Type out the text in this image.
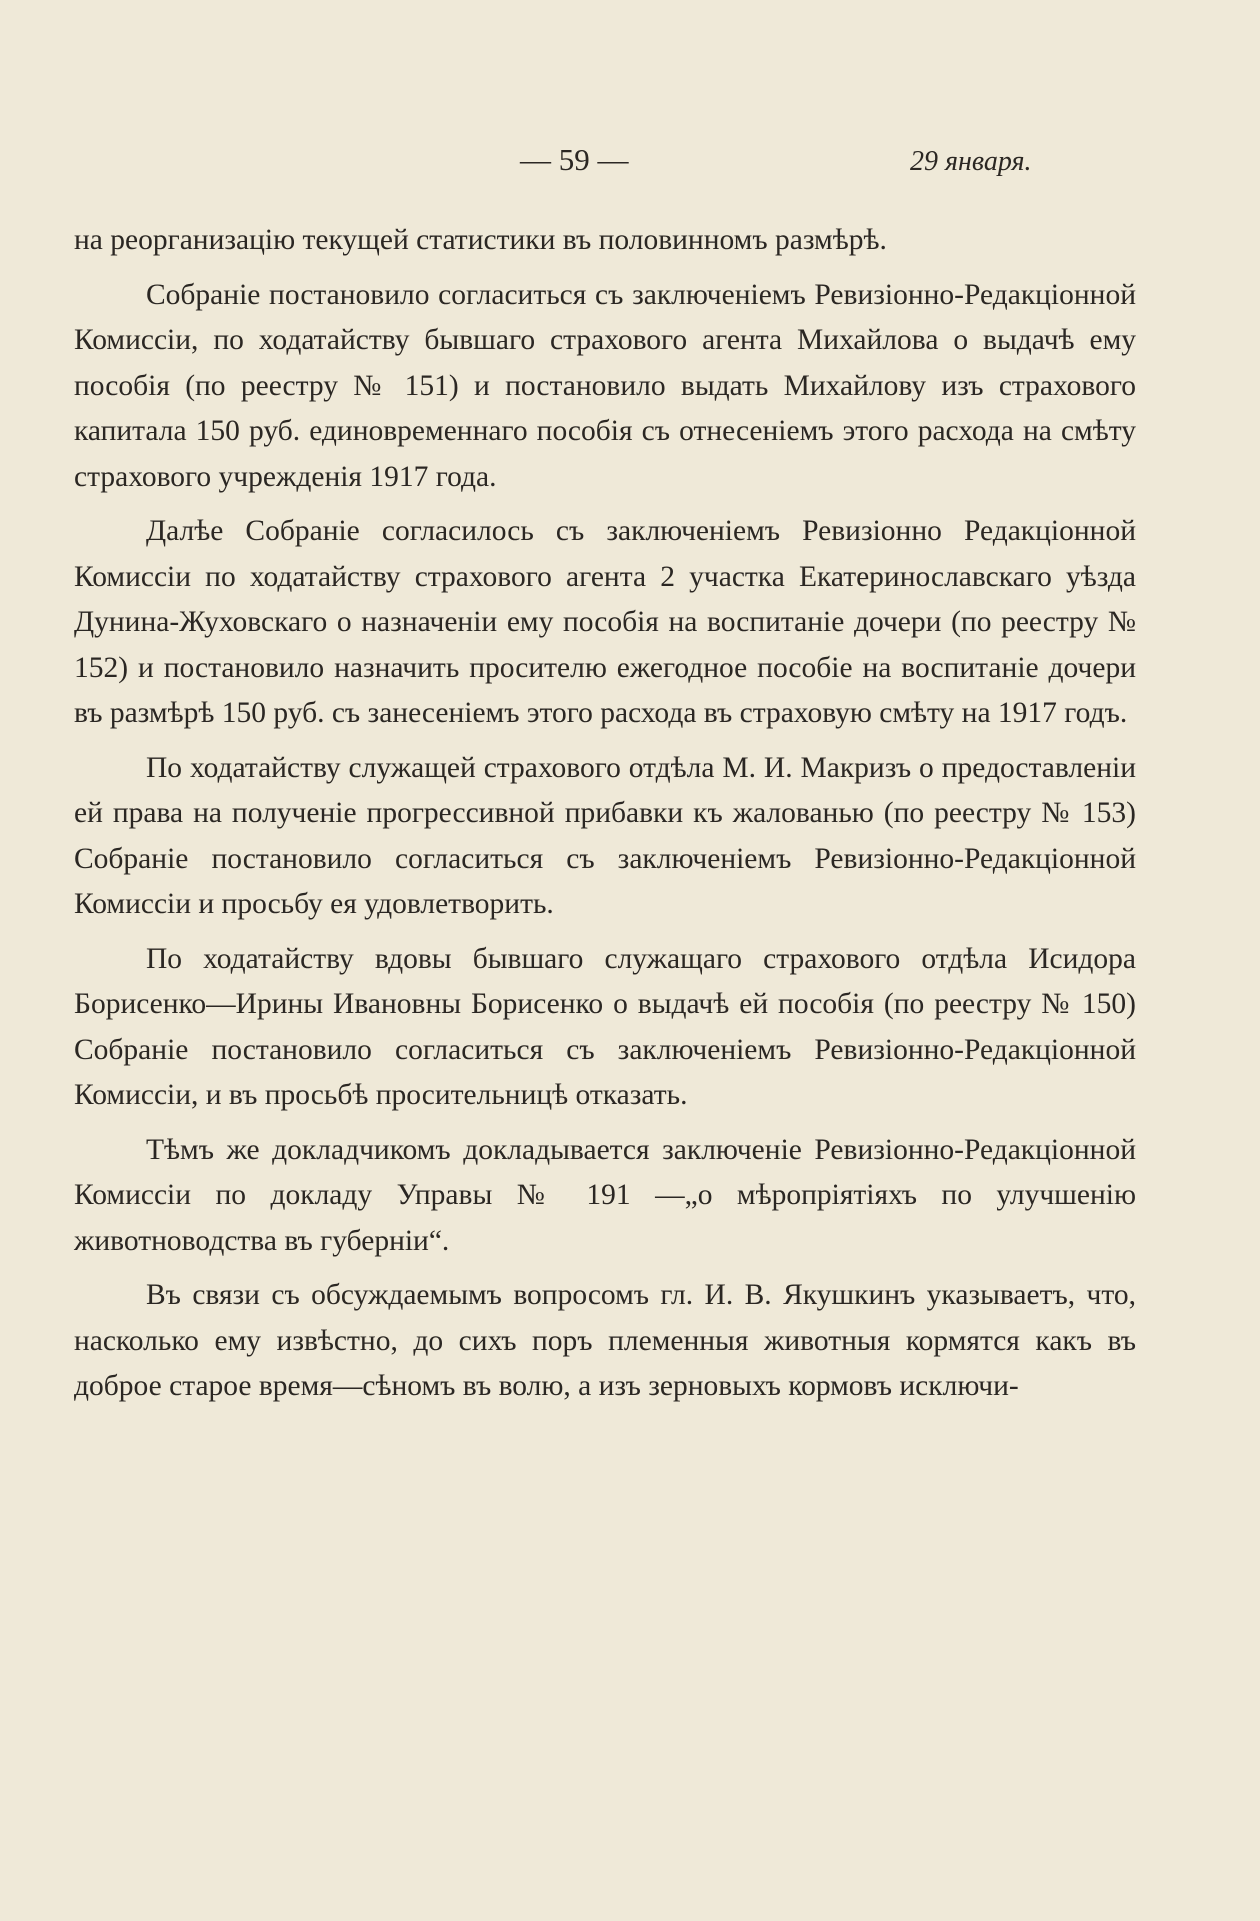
— 59 —	29 января.

на реорганизацію текущей статистики въ половинномъ размѣрѣ.

Собраніе постановило согласиться съ заключеніемъ Ревизіонно-Редакціонной Комиссіи, по ходатайству бывшаго страхового агента Михайлова о выдачѣ ему пособія (по реестру № 151) и постановило выдать Михайлову изъ страхового капитала 150 руб. единовременнаго пособія съ отнесеніемъ этого расхода на смѣту страхового учрежденія 1917 года.

Далѣе Собраніе согласилось съ заключеніемъ Ревизіонно Редакціонной Комиссіи по ходатайству страхового агента 2 участка Екатеринославскаго уѣзда Дунина-Жуховскаго о назначеніи ему пособія на воспитаніе дочери (по реестру № 152) и постановило назначить просителю ежегодное пособіе на воспитаніе дочери въ размѣрѣ 150 руб. съ занесеніемъ этого расхода въ страховую смѣту на 1917 годъ.

По ходатайству служащей страхового отдѣла М. И. Макризъ о предоставленіи ей права на полученіе прогрессивной прибавки къ жалованью (по реестру № 153) Собраніе постановило согласиться съ заключеніемъ Ревизіонно-Редакціонной Комиссіи и просьбу ея удовлетворить.

По ходатайству вдовы бывшаго служащаго страхового отдѣла Исидора Борисенко—Ирины Ивановны Борисенко о выдачѣ ей пособія (по реестру № 150) Собраніе постановило согласиться съ заключеніемъ Ревизіонно-Редакціонной Комиссіи, и въ просьбѣ просительницѣ отказать.

Тѣмъ же докладчикомъ докладывается заключеніе Ревизіонно-Редакціонной Комиссіи по докладу Управы № 191 —„о мѣропріятіяхъ по улучшенію животноводства въ губерніи“.

Въ связи съ обсуждаемымъ вопросомъ гл. И. В. Якушкинъ указываетъ, что, насколько ему извѣстно, до сихъ поръ племенныя животныя кормятся какъ въ доброе старое время—сѣномъ въ волю, а изъ зерновыхъ кормовъ исключи-
